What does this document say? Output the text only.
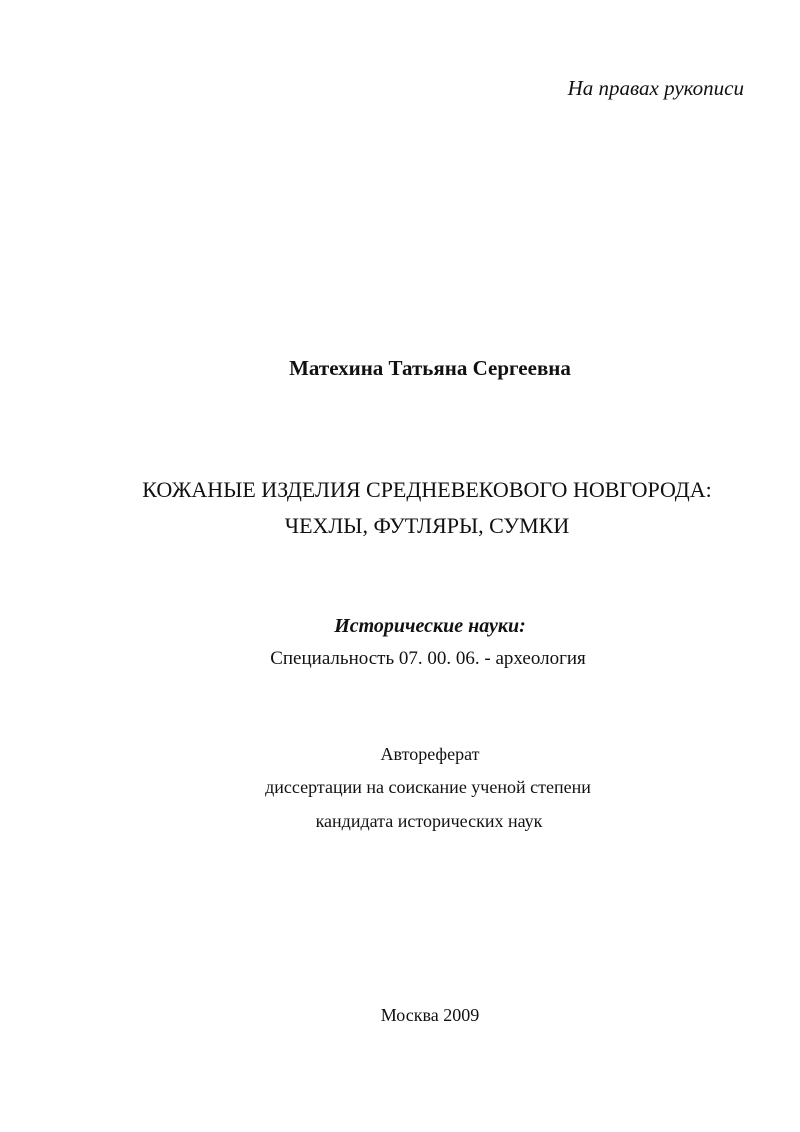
На правах рукописи
Матехина Татьяна Сергеевна
КОЖАНЫЕ ИЗДЕЛИЯ СРЕДНЕВЕКОВОГО НОВГОРОДА:
ЧЕХЛЫ, ФУТЛЯРЫ, СУМКИ
Исторические науки:
Специальность 07. 00. 06. - археология
Автореферат
диссертации на соискание ученой степени
кандидата исторических наук
Москва 2009
